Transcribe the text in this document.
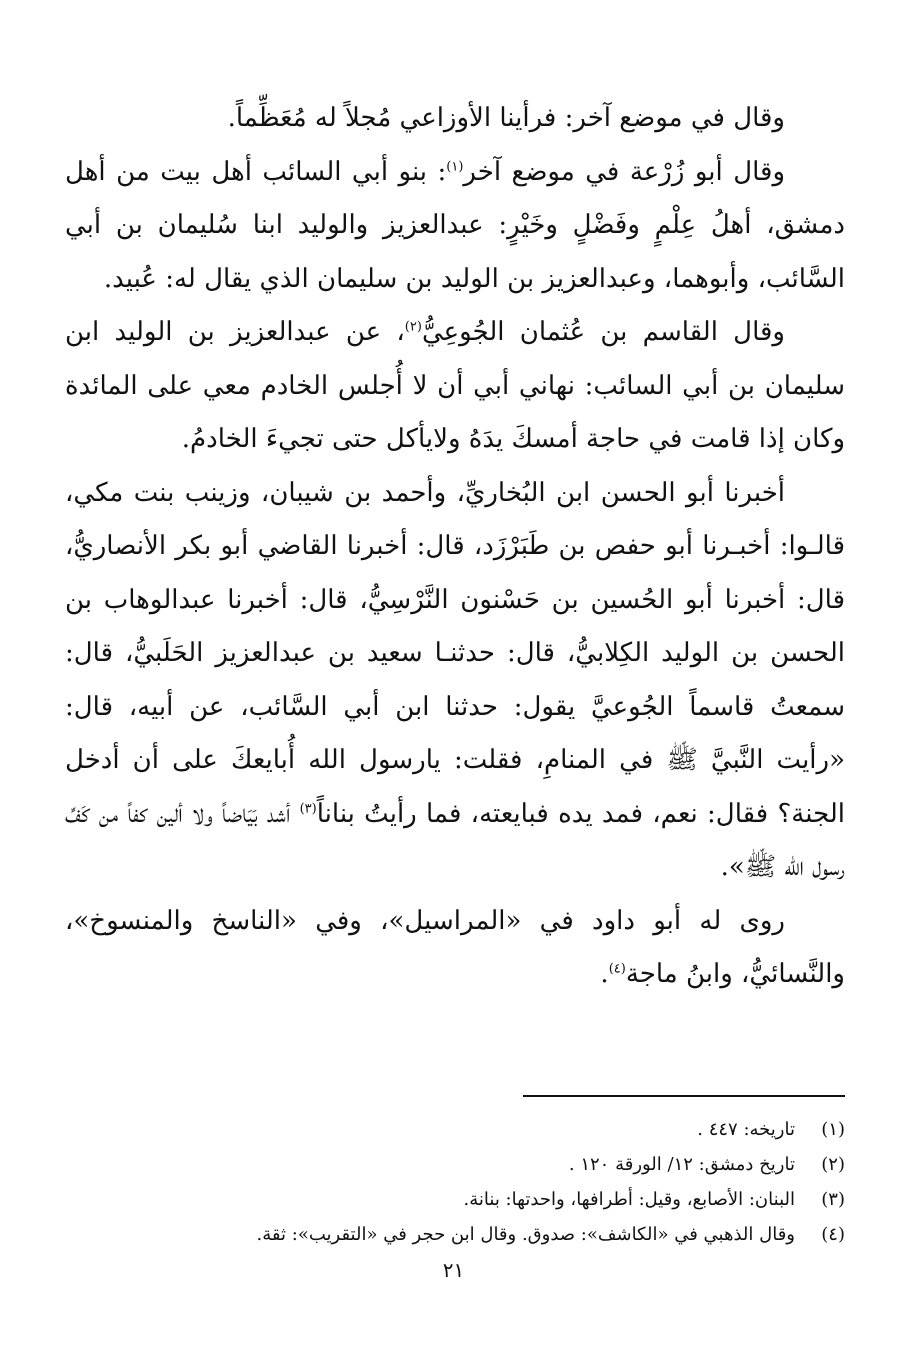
وقال في موضع آخر: فرأينا الأوزاعي مُجلاً له مُعَظِّماً.

وقال أبو زُرْعة في موضع آخر$^{(١)}$: بنو أبي السائب أهل بيت من أهل دمشق، أهلُ عِلْمٍ وفَضْلٍ وخَيْرٍ: عبدالعزيز والوليد ابنا سُليمان بن أبي السَّائب، وأبوهما، وعبدالعزيز بن الوليد بن سليمان الذي يقال له: عُبيد.

وقال القاسم بن عُثمان الجُوعِيُّ$^{(٢)}$، عن عبدالعزيز بن الوليد ابن سليمان بن أبي السائب: نهاني أبي أن لا أُجلس الخادم معي على المائدة وكان إذا قامت في حاجة أمسكَ يدَهُ ولايأكل حتى تجيءَ الخادمُ.

أخبرنا أبو الحسن ابن البُخاريِّ، وأحمد بن شيبان، وزينب بنت مكي، قالـوا: أخبـرنا أبو حفص بن طَبَرْزَد، قال: أخبرنا القاضي أبو بكر الأنصاريُّ، قال: أخبرنا أبو الحُسين بن حَسْنون النَّرْسِيُّ، قال: أخبرنا عبدالوهاب بن الحسن بن الوليد الكِلابيُّ، قال: حدثنـا سعيد بن عبدالعزيز الحَلَبيُّ، قال: سمعتُ قاسماً الجُوعيَّ يقول: حدثنا ابن أبي السَّائب، عن أبيه، قال: «رأيت النَّبيَّ ﷺ في المنامِ، فقلت: يارسول الله أُبايعكَ على أن أدخل الجنة؟ فقال: نعم، فمد يده فبايعته، فما رأيتُ بناناً$^{(٣)}$ أشد بَيَاضاً ولا ألين كفاً من كَفِّ رسول الله ﷺ».

روى له أبو داود في «المراسيل»، وفي «الناسخ والمنسوخ»، والنَّسائيُّ، وابنُ ماجة$^{(٤)}$.

(١)تاريخه: ٤٤٧ .
(٢)تاريخ دمشق: ١٢/ الورقة ١٢٠ .
(٣)البنان: الأصابع، وقيل: أطرافها، واحدتها: بنانة.
(٤)وقال الذهبي في «الكاشف»: صدوق. وقال ابن حجر في «التقريب»: ثقة.
٢١
